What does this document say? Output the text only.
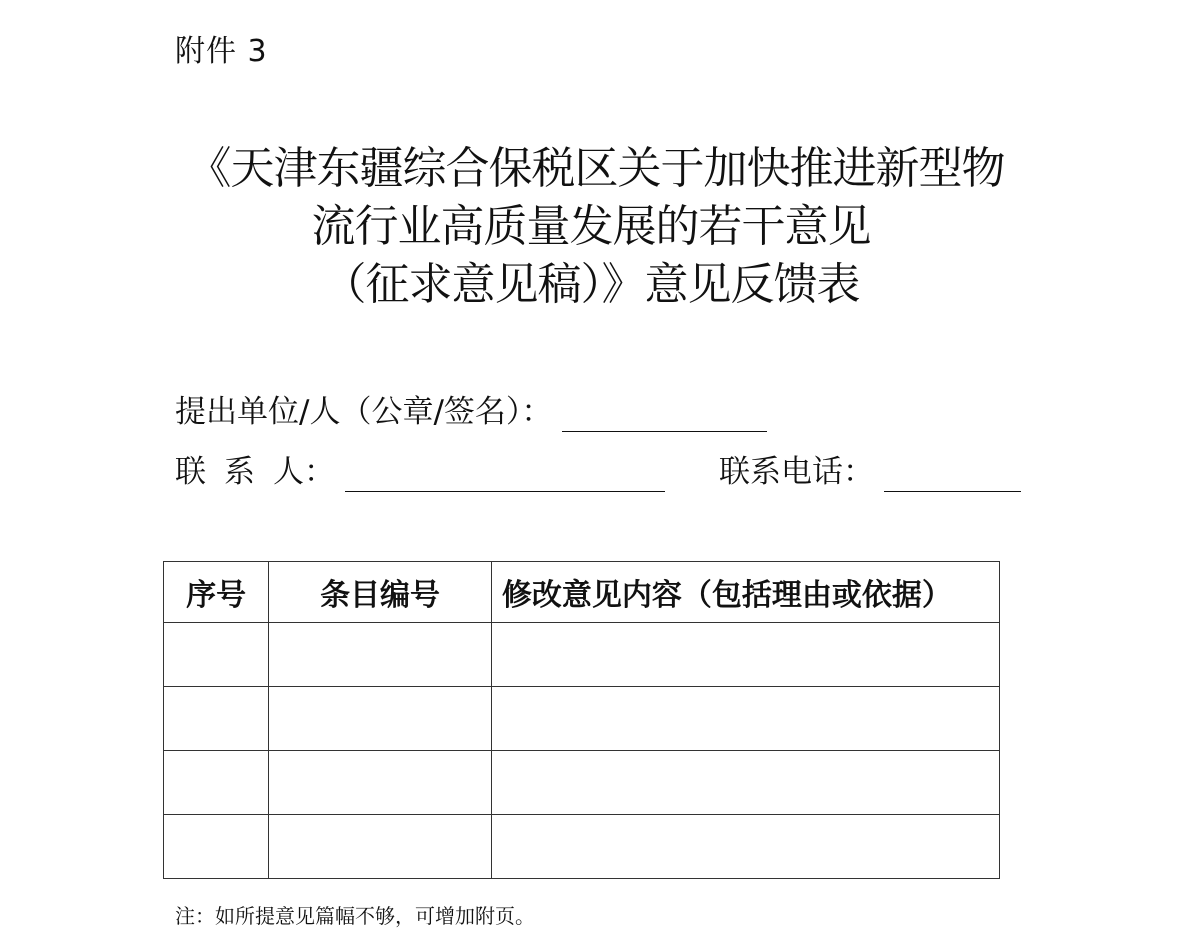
附件 3
《天津东疆综合保税区关于加快推进新型物
流行业高质量发展的若干意见
（征求意见稿）》意见反馈表
提出单位/人（公章/签名）：
联 系 人：	联系电话：
序号	条目编号	修改意见内容（包括理由或依据）

注：如所提意见篇幅不够，可增加附页。
